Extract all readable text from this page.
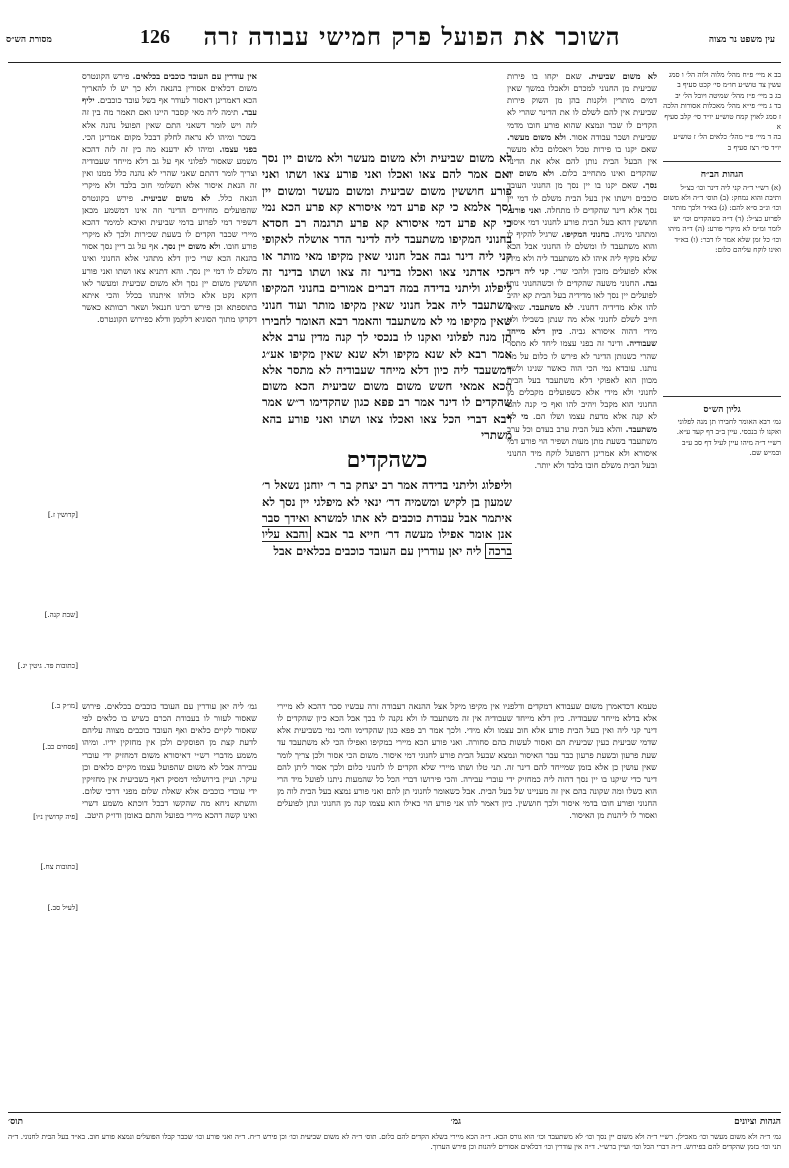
מסורת הש״ס	126	השוכר את הפועל פרק חמישי עבודה זרה	עין משפט נר מצוה

בב א מיי׳ פ״ח מהל׳ מלוה ולוה הל׳ ו סמג עשין צד טוש״ע חו״מ סי׳ קכט סעיף ב

בג ב מיי׳ פ״ז מהל׳ שמיטה ויובל הל׳ יב

בד ג מיי׳ פי״א מהל׳ מאכלות אסורות הלכה ז סמג לאוין קמח טוש״ע יו״ד סי׳ קלב סעיף א

בה ד מיי׳ פ״י מהל׳ כלאים הל׳ ז טוש״ע יו״ד סי׳ רצז סעיף ב

הגהות הב״ח

(א) רש״י ד״ה קני ליה דינר וכו׳ כצ״ל ותיבת והוא נמחק: (ב) תוס׳ ד״ה ולא משום וכו׳ ונ״ב ס״א להם: (ג) בא״ד ולכך מותר לפרוע כצ״ל: (ד) ד״ה כשהקדים וכו׳ יש לומר ומ״מ לא מיקרי פורע: (ה) ד״ה מיהו וכו׳ כל זמן שלא אמר לו דבר: (ו) בא״ד ואינו לוקח עליהם כלום:

גליון הש״ס

גמ׳ רבא האומר לחבירו תן מנה לפלוני ואקנו לו בנכסי. עיין ב״ב דף קעד ע״א. רש״י ד״ה מיהו עיין לעיל דף סב ע״ב ובמ״ש שם.

[קדושין ז.]

[שבת קנה.]

[כתובות פד. גיטין יג.]

[מו״ק ב.]

[פסחים כב.]

[פיה קדושין נ״ו]

[כתובות צח.]

[לעיל סב.]

לא משום שביעית. שאם יקחו בו פירות שביעית מן החנוני למכרם ולאכלו במשך שאין דמים מותרין ולקנות בהן מן השוק פירות שביעית אין להם לשלם לו את הדינר שהרי לא הקדים לו שכר ונמצא שהוא פורע חובו מדמי שביעית ושכר עבודה אסור. ולא משום מעשר. שאם יקנו בו פירות טבל ויאכלום בלא מעשר אין הבעל הבית נותן להם אלא את הדינר שהקדים ואינו מתחייב כלום. ולא משום יין נסך. שאם יקנו בו יין נסך מן החנוני העובד כוכבים וישתו אין בעל הבית משלם לו דמי יין נסך אלא דינר שהקדים לו מתחלה. ואני פורע. חוששין דהא בעל הבית פורע לחנוני דמי איסור ומתהני מיניה. בחנוני המקיפו. שרגיל להקיף לו והוא משתעבד לו ומשלם לו החנוני אבל הכא שלא מקיף ליה איהו לא משתעבד ליה ולא מידי אלא לפועלים מזבין ולהכי שרי. קני ליה דינר גבה. החנוני משעה שהקדים לו וכשהחנוני נותן לפועלים יין נסך לאו מדידיה בעל הבית קא יהיב להו אלא מדידיה דחנוני. לא משתעבד. שאינו חייב לשלם לחנוני אלא מה שנתן בשבילו ולא מידי דהוה איסורא גביה. כיון דלא מייחד שעבודיה. ודינר זה בפני עצמו ליחד לא מתסר שהרי כשנותן הדינר לא פירש לו כלום על מה נותנו. עובדא נמי הכי הוה כאשר שנינו ולשון מכוון הוא לאפוקי דלא משתעבד בעל הבית לחנוני ולא מידי אלא כשפועלים מקבלים מן החנוני הוא מקבל ויהיב להו ואף כי קנה להם לא קנה אלא מדעת עצמו ושלו הם. מי לא משתעבד. והלא בעל הבית ערב בעדם וכל ערב משתעבד בשעת מתן מעות ושפיר הוי פורע דמי איסורא ולא אמרינן דהפועל לוקח מיד החנוני ובעל הבית משלם חובו בלבד ולא יותר.
אין עודרין עם העובד כוכבים בכלאים. פירש הקונטרס משום דכלאים אסורין בהנאה ולא כך יש לו להאריך הכא דאמרינן דאסור לעודר אף בשל עובד כוכבים. יליף עבר. תימה ליה מאי קסבר היינו ואם תאמר מה בין זה לזה ויש לומר דשאני התם שאין הפועל נהנה אלא בשכר ומיהו לא נראה לחלק דבכל מקום אמרינן הכי. בפני עצמו. ומיהו לא ידענא מה בין זה לזה דהכא משמע שאסור לפלוני אף על גב דלא מייחד שעבודיה וצריך לומר דהתם שאני שהרי לא נהנה כלל ממנו ואין זה הנאת איסור אלא תשלומי חוב בלבד ולא מיקרי הנאה כלל. לא משום שביעית. פירש בקונטרס שהפועלים מחזירים הדינר וזה אינו דמשמע מכאן דשפיר דמי לפרוע בדמי שביעית ואיכא למימר דהכא מיירי שכבר הקדים לו בשעת שכירות ולכך לא מיקרי פורע חובו. ולא משום יין נסך. אף על גב דיין נסך אסור בהנאה הכא שרי כיון דלא מתהני אלא החנוני ואינו משלם לו דמי יין נסך. והא דתניא צאו ושתו ואני פורע חוששין משום יין נסך ולא משום שביעית ומעשר לאו דוקא נקט אלא כולהו איתנהו בכלל והכי איתא בתוספתא וכן פירש רבינו חננאל ושאר רבוותא כאשר דקדקו מתוך הסוגיא דלקמן ודלא כפירוש הקונטרס.
לא משום שביעית ולא משום מעשר ולא משום יין נסך ואם אמר להם צאו ואכלו ואני פורע צאו ושתו ואני פורע חוששין משום שביעית ומשום מעשר ומשום יין נסך אלמא כי קא פרע דמי איסורא קא פרע הכא נמי כי קא פרע דמי איסורא קא פרע תרגמה רב חסדא בחנוני המקיפו משתעבד ליה לדינר הדר אושלה לאקופי קני ליה דינר גבה אבל חנוני שאין מקיפו מאי מותר או הכי אדתני צאו ואכלו בדינר זה צאו ושתו בדינר זה ליפלוג וליתני בדידה במה דברים אמורים בחנוני המקיפו משתעבד ליה אבל חנוני שאין מקיפו מותר ועוד חנוני שאין מקיפו מי לא משתעבד והאמר רבא האומר לחבירו תן מנה לפלוני ואקנו לו בנכסי לך קנה מדין ערב אלא אמר רבא לא שנא מקיפו ולא שנא שאין מקיפו אע״ג דמשעבד ליה כיון דלא מייחד שעבודיה לא מתסר אלא הכא אמאי חשש משום משום שביעית הכא משום שהקדים לו דינר אמר רב פפא כגון שהקדימו ר״ש אמר רבא דברי הכל צאו ואכלו צאו ושתו ואני פורע בהא משתרי
כשהקדים
וליפלוג וליתני בדידה אמר רב יצחק בר ר׳ יוחנן נשאל ר׳ שמעון בן לקיש ומשמיה דר׳ ינאי לא מיפלגי יין נסך לא איתמר אבל עבודת כוכבים לא אתו למשרא ואידך סבר אנן אומר אפילו מעשה דר׳ חייא בר אבא והבא עליו ברכה ליה יאן עודרין עם העובד כוכבים בכלאים אבל
טעמא דכדאמרן משום שעבודא דמקדים ודלפניו אין מקיפו מיקל אצל ההנאה דעבודה זרה עכשיו סבר דהכא לא מיירי אלא בדלא מייחד שעבודיה. כיון דלא מייחד שעבודיה אין זה משתעבד לו ולא נקנה לו בכך אבל הכא כיון שהקדים לו דינר קני ליה ואין בעל הבית פורע אלא חוב עצמו ולא מידי. ולכך אמר רב פפא כגון שהקדימו והכי נמי בשביעית אלא שדמי שביעית כעין שביעית הם ואסור לעשות בהם סחורה. ואני פורע הכא מיירי במקיפו ואפילו הכי לא משתעבד עד שעת פרעון ובשעת פרעון כבר עבר האיסור ונמצא שבעל הבית פורע לחנוני דמי איסור. משום הכי אסור ולכן צריך לומר שאין עושין כן אלא בזמן שמייחד להם דינר זה. תני טלו ושתו מיירי שלא הקדים לו לחנוני כלום ולכך אסור ליתן להם דינר כדי שיקנו בו יין נסך דהוה ליה כמחזיק ידי עוברי עבירה. והכי פירושו דברי הכל כל שהמעות ניתנו לפועל מיד הרי הוא כשלו ומה שקונה בהם אין זה מעניינו של בעל הבית. אבל כשאומר לחנוני תן להם ואני פורע נמצא בעל הבית לוה מן החנוני ופורע חובו בדמי איסור ולכך חוששין. כיון דאמר להו אני פורע הוי כאילו הוא עצמו קנה מן החנוני ונתן לפועלים ואסור לו ליהנות מן האיסור.
גמ׳ ליה יאן עודרין עם העובד כוכבים בכלאים. פירוש שאסור לעזור לו בעבודת הכרם כשיש בו כלאים לפי שאסור לקיים כלאים ואף העובד כוכבים מצווה עליהם לדעת קצת מן הפוסקים ולכן אין מחזקין ידיו. ומיהו משמע מדברי רש״י דאיסורא משום דמחזיק ידי עוברי עבירה אבל לא משום שהפועל עצמו מקיים כלאים וכן עיקר. ועיין בירושלמי דמסיק דאף בשביעית אין מחזיקין ידי עובדי כוכבים אלא שאלת שלום מפני דרכי שלום. והשתא ניחא מה שהקשו דבכל דוכתא משמע דשרי ואינו קשה דהכא מיירי בפועל והתם באומן ודו״ק היטב.
הגהות וציונים
גמ׳
תוס׳
גמ׳ ד״ה ולא משום מעשר וכו׳ מאכילן. רש״י ד״ה ולא משום יין נסך וכו׳ לא משתעבד וכו׳ הוא גורס הכא. ד״ה הכא מיירי בשלא הקדים להם כלום. תוס׳ ד״ה לא משום שביעית וכו׳ וכן פירש ר״ח. ד״ה ואני פורע וכו׳ שכבר קבלו הפועלים ונמצא פורע חוב. בא״ד בעל הבית לחנוני. ד״ה תני וכו׳ בזמן שהקדים להם בפירוש. ד״ה דברי הכל וכו׳ ועיין ברש״י. ד״ה אין עודרין וכו׳ דכלאים אסורים ליהנות וכן פירש הערוך.
